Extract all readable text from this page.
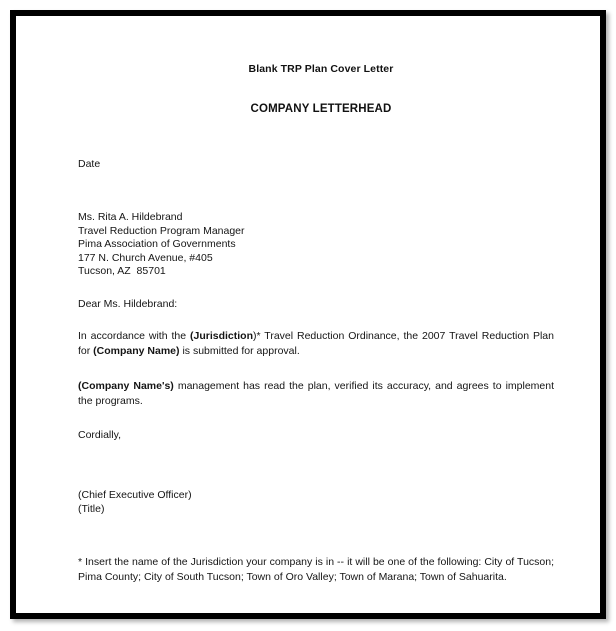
Blank TRP Plan Cover Letter
COMPANY LETTERHEAD
Date
Ms. Rita A. Hildebrand
Travel Reduction Program Manager
Pima Association of Governments
177 N. Church Avenue, #405
Tucson, AZ  85701
Dear Ms. Hildebrand:
In accordance with the (Jurisdiction)* Travel Reduction Ordinance, the 2007 Travel Reduction Plan for (Company Name) is submitted for approval.
(Company Name's) management has read the plan, verified its accuracy, and agrees to implement the programs.
Cordially,
(Chief Executive Officer)
(Title)
* Insert the name of the Jurisdiction your company is in -- it will be one of the following: City of Tucson; Pima County; City of South Tucson; Town of Oro Valley; Town of Marana; Town of Sahuarita.
